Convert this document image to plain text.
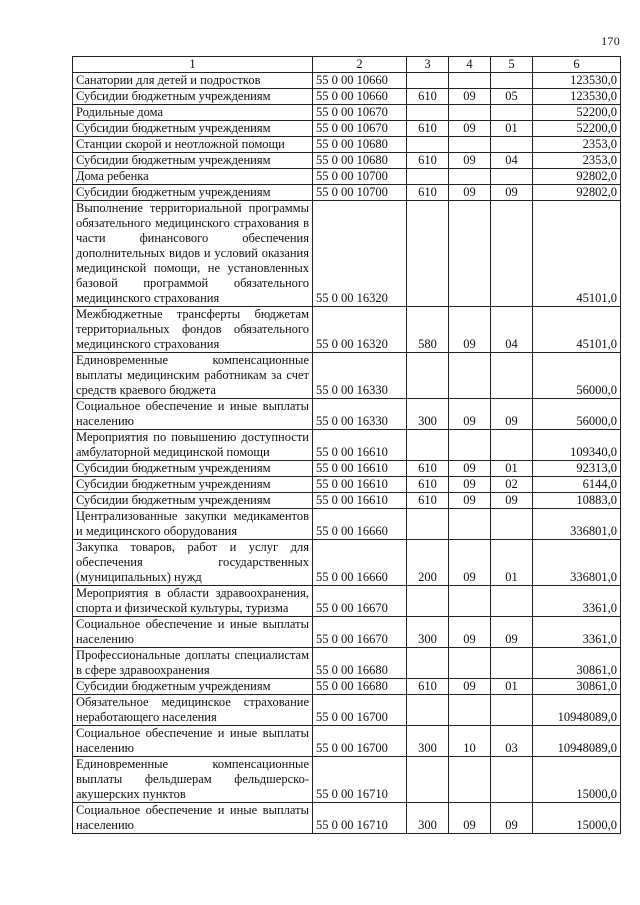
170
1	2	3	4	5	6
Санатории для детей и подростков	55 0 00 10660				123530,0
Субсидии бюджетным учреждениям	55 0 00 10660	610	09	05	123530,0
Родильные дома	55 0 00 10670				52200,0
Субсидии бюджетным учреждениям	55 0 00 10670	610	09	01	52200,0
Станции скорой и неотложной помощи	55 0 00 10680				2353,0
Субсидии бюджетным учреждениям	55 0 00 10680	610	09	04	2353,0
Дома ребенка	55 0 00 10700				92802,0
Субсидии бюджетным учреждениям	55 0 00 10700	610	09	09	92802,0
Выполнение территориальной программы обязательного медицинского страхования в части финансового обеспечения дополнительных видов и условий оказания медицинской помощи, не установленных базовой программой обязательного медицинского страхования	55 0 00 16320				45101,0
Межбюджетные трансферты бюджетам территориальных фондов обязательного медицинского страхования	55 0 00 16320	580	09	04	45101,0
Единовременные компенсационные выплаты медицинским работникам за счет средств краевого бюджета	55 0 00 16330				56000,0
Социальное обеспечение и иные выплаты населению	55 0 00 16330	300	09	09	56000,0
Мероприятия по повышению доступности амбулаторной медицинской помощи	55 0 00 16610				109340,0
Субсидии бюджетным учреждениям	55 0 00 16610	610	09	01	92313,0
Субсидии бюджетным учреждениям	55 0 00 16610	610	09	02	6144,0
Субсидии бюджетным учреждениям	55 0 00 16610	610	09	09	10883,0
Централизованные закупки медикаментов и медицинского оборудования	55 0 00 16660				336801,0
Закупка товаров, работ и услуг для обеспечения государственных (муниципальных) нужд	55 0 00 16660	200	09	01	336801,0
Мероприятия в области здравоохранения, спорта и физической культуры, туризма	55 0 00 16670				3361,0
Социальное обеспечение и иные выплаты населению	55 0 00 16670	300	09	09	3361,0
Профессиональные доплаты специалистам в сфере здравоохранения	55 0 00 16680				30861,0
Субсидии бюджетным учреждениям	55 0 00 16680	610	09	01	30861,0
Обязательное медицинское страхование неработающего населения	55 0 00 16700				10948089,0
Социальное обеспечение и иные выплаты населению	55 0 00 16700	300	10	03	10948089,0
Единовременные компенсационные выплаты фельдшерам фельдшерско-акушерских пунктов	55 0 00 16710				15000,0
Социальное обеспечение и иные выплаты населению	55 0 00 16710	300	09	09	15000,0
